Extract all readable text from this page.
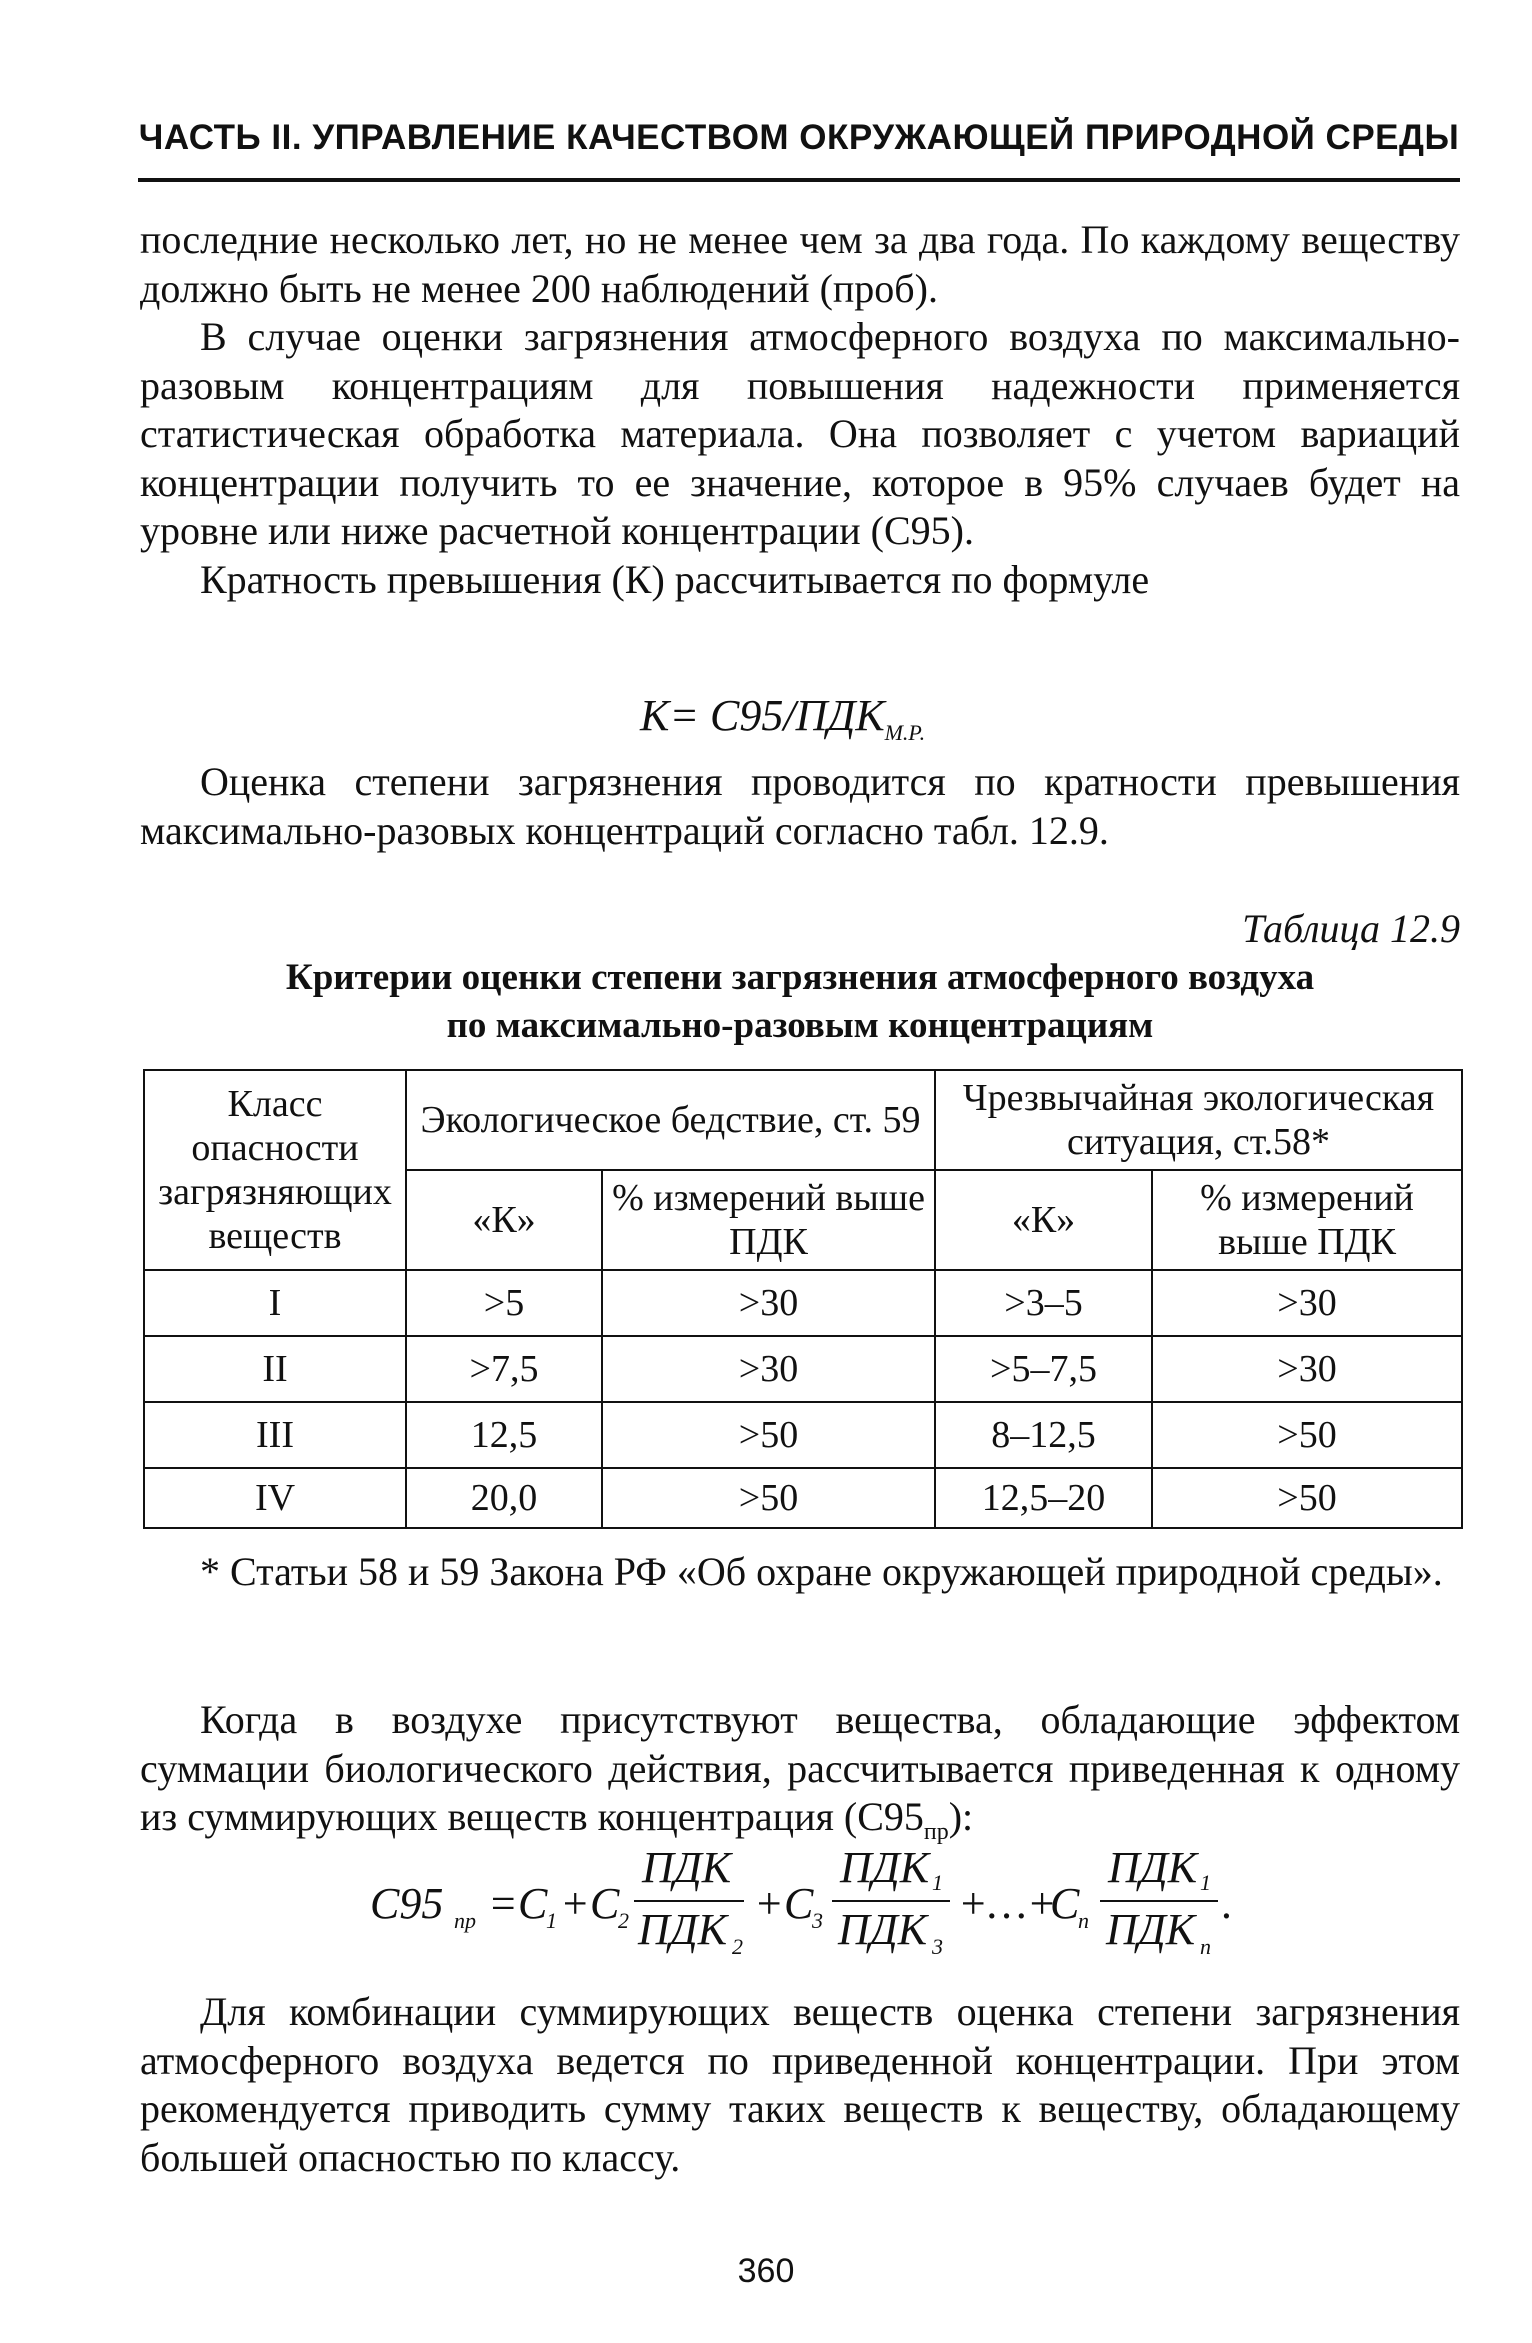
ЧАСТЬ II. УПРАВЛЕНИЕ КАЧЕСТВОМ ОКРУЖАЮЩЕЙ ПРИРОДНОЙ СРЕДЫ

последние несколько лет, но не менее чем за два года. По каждому веществу должно быть не менее 200 наблюдений (проб).

В случае оценки загрязнения атмосферного воздуха по максимально-разовым концентрациям для повышения надежности применяется статистическая обработка материала. Она позволяет с учетом вариаций концентрации получить то ее значение, которое в 95% случаев будет на уровне или ниже расчетной концентрации (С95).

Кратность превышения (К) рассчитывается по формуле

$K= C95/ПДК_{М.Р.}$

Оценка степени загрязнения проводится по кратности превышения максимально-разовых концентраций согласно табл. 12.9.

Таблица 12.9
Критерии оценки степени загрязнения атмосферного воздуха
по максимально-разовым концентрациям
Класс опасности загрязняющих веществ	Экологическое бедствие, ст. 59		Чрезвычайная экологическая ситуация, ст.58*	
	«К»	% измерений выше ПДК	«К»	% измерений выше ПДК
I	>5	>30	>3–5	>30
II	>7,5	>30	>5–7,5	>30
III	12,5	>50	8–12,5	>50
IV	20,0	>50	12,5–20	>50

* Статьи 58 и 59 Закона РФ «Об охране окружающей природной среды».

Когда в воздухе присутствуют вещества, обладающие эффектом суммации биологического действия, рассчитывается приведенная к одному из суммирующих веществ концентрация $(С95_{пр})$:

C95 пр = C
1 + C
2
ПДК
ПДК 2
+ C
3
ПДК 1
ПДК 3
+…+
C
n
ПДК 1
ПДК n
.

Для комбинации суммирующих веществ оценка степени загрязнения атмосферного воздуха ведется по приведенной концентрации. При этом рекомендуется приводить сумму таких веществ к веществу, обладающему большей опасностью по классу.

360
